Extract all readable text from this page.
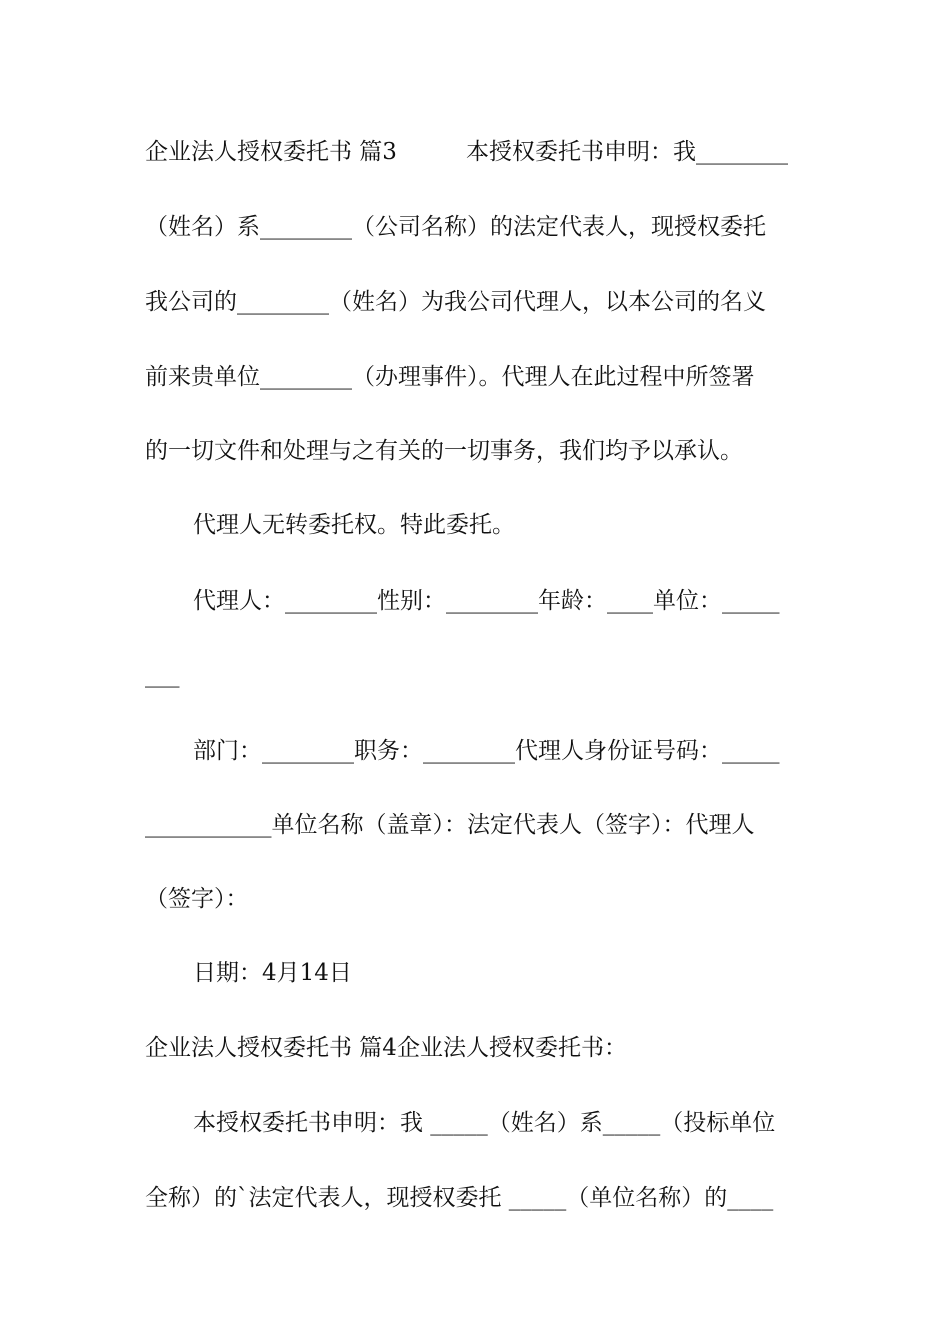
企业法人授权委托书 篇3　　　本授权委托书申明：我________
（姓名）系________（公司名称）的法定代表人，现授权委托
我公司的________（姓名）为我公司代理人，以本公司的名义
前来贵单位________（办理事件）。代理人在此过程中所签署
的一切文件和处理与之有关的一切事务，我们均予以承认。
代理人无转委托权。特此委托。
代理人：________性别：________年龄：____单位：_____
___
部门：________职务：________代理人身份证号码：_____
___________单位名称（盖章）：法定代表人（签字）：代理人
（签字）：
日期：4月14日
企业法人授权委托书 篇4企业法人授权委托书：
本授权委托书申明：我 _____（姓名）系_____（投标单位
全称）的`法定代表人，现授权委托 _____（单位名称）的____
